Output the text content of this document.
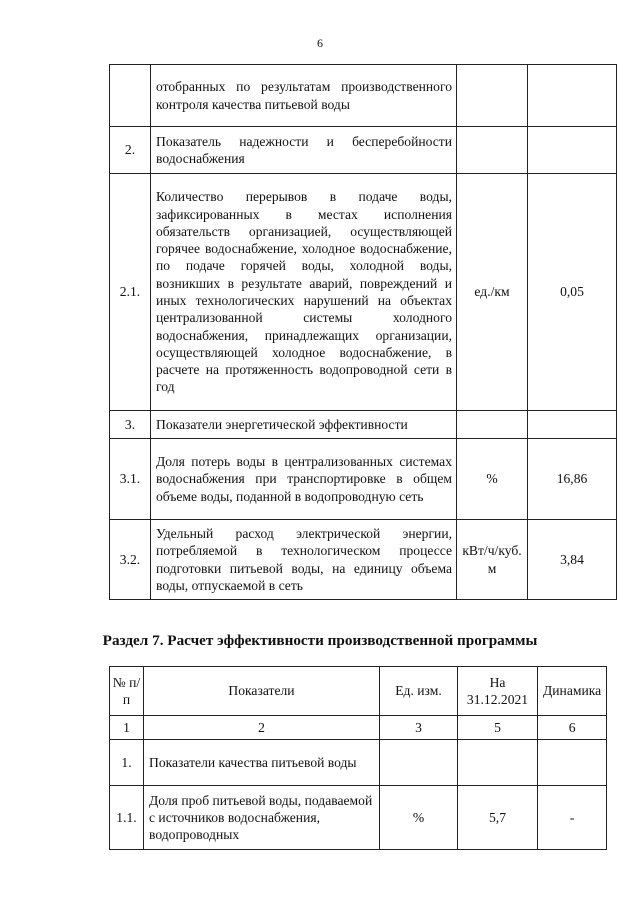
6
	отобранных по результатам производственного контроля качества питьевой воды		
2.	Показатель надежности и бесперебойности водоснабжения		
2.1.	Количество перерывов в подаче воды, зафиксированных в местах исполнения обязательств организацией, осуществляющей горячее водоснабжение, холодное водоснабжение, по подаче горячей воды, холодной воды, возникших в результате аварий, повреждений и иных технологических нарушений на объектах централизованной системы холодного водоснабжения, принадлежащих организации, осуществляющей холодное водоснабжение, в расчете на протяженность водопроводной сети в год	ед./км	0,05
3.	Показатели энергетической эффективности		
3.1.	Доля потерь воды в централизованных системах водоснабжения при транспортировке в общем объеме воды, поданной в водопроводную сеть	%	16,86
3.2.	Удельный расход электрической энергии, потребляемой в технологическом процессе подготовки питьевой воды, на единицу объема воды, отпускаемой в сеть	кВт/ч/куб. м	3,84
Раздел 7. Расчет эффективности производственной программы
№ п/п	Показатели	Ед. изм.	На 31.12.2021	Динамика
1	2	3	5	6
1.	Показатели качества питьевой воды			
1.1.	Доля проб питьевой воды, подаваемой с источников водоснабжения, водопроводных	%	5,7	-
